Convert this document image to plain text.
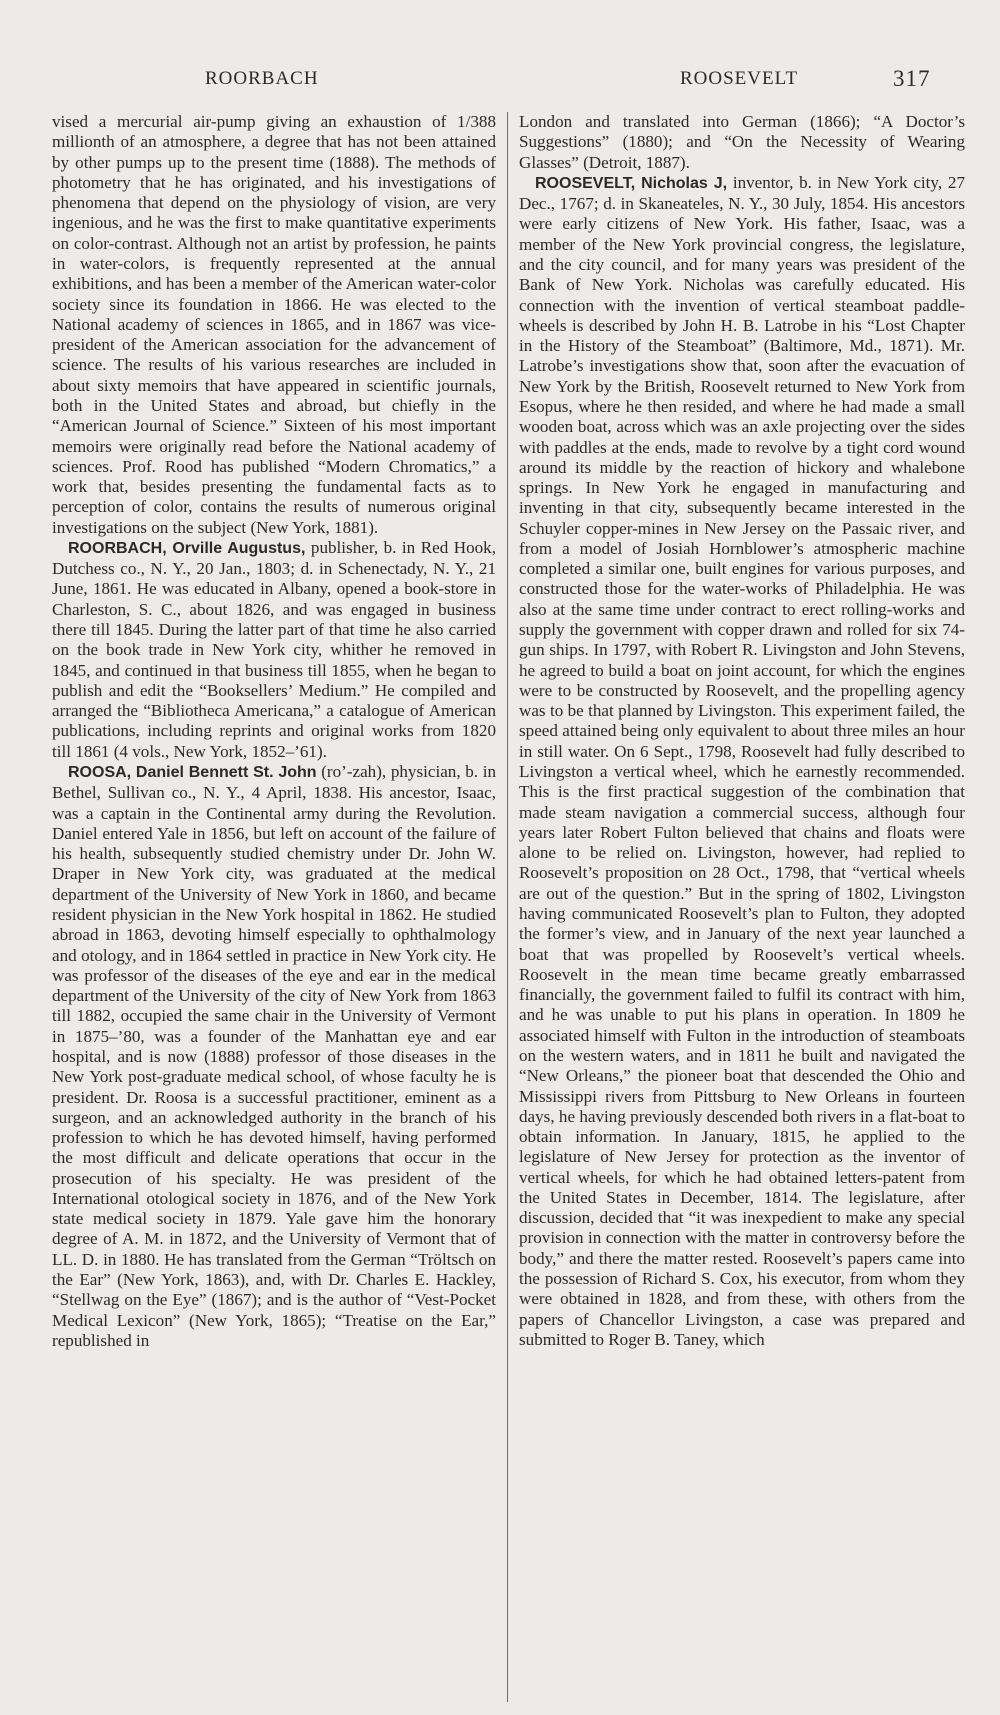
ROORBACH	ROOSEVELT	317

vised a mercurial air-pump giving an exhaustion of 1/388 millionth of an atmosphere, a degree that has not been attained by other pumps up to the present time (1888). The methods of photometry that he has originated, and his investigations of phenomena that depend on the physiology of vision, are very ingenious, and he was the first to make quantitative experiments on color-contrast. Although not an artist by profession, he paints in water-colors, is frequently represented at the annual exhibitions, and has been a member of the American water-color society since its foundation in 1866. He was elected to the National academy of sciences in 1865, and in 1867 was vice-president of the American association for the advancement of science. The results of his various researches are included in about sixty memoirs that have appeared in scientific journals, both in the United States and abroad, but chiefly in the “American Journal of Science.” Sixteen of his most important memoirs were originally read before the National academy of sciences. Prof. Rood has published “Modern Chromatics,” a work that, besides presenting the fundamental facts as to perception of color, contains the results of numerous original investigations on the subject (New York, 1881).

ROORBACH, Orville Augustus, publisher, b. in Red Hook, Dutchess co., N. Y., 20 Jan., 1803; d. in Schenectady, N. Y., 21 June, 1861. He was educated in Albany, opened a book-store in Charleston, S. C., about 1826, and was engaged in business there till 1845. During the latter part of that time he also carried on the book trade in New York city, whither he removed in 1845, and continued in that business till 1855, when he began to publish and edit the “Booksellers’ Medium.” He compiled and arranged the “Bibliotheca Americana,” a catalogue of American publications, including reprints and original works from 1820 till 1861 (4 vols., New York, 1852–’61).

ROOSA, Daniel Bennett St. John (ro’-zah), physician, b. in Bethel, Sullivan co., N. Y., 4 April, 1838. His ancestor, Isaac, was a captain in the Continental army during the Revolution. Daniel entered Yale in 1856, but left on account of the failure of his health, subsequently studied chemistry under Dr. John W. Draper in New York city, was graduated at the medical department of the University of New York in 1860, and became resident physician in the New York hospital in 1862. He studied abroad in 1863, devoting himself especially to ophthalmology and otology, and in 1864 settled in practice in New York city. He was professor of the diseases of the eye and ear in the medical department of the University of the city of New York from 1863 till 1882, occupied the same chair in the University of Vermont in 1875–’80, was a founder of the Manhattan eye and ear hospital, and is now (1888) professor of those diseases in the New York post-graduate medical school, of whose faculty he is president. Dr. Roosa is a successful practitioner, eminent as a surgeon, and an acknowledged authority in the branch of his profession to which he has devoted himself, having performed the most difficult and delicate operations that occur in the prosecution of his specialty. He was president of the International otological society in 1876, and of the New York state medical society in 1879. Yale gave him the honorary degree of A. M. in 1872, and the University of Vermont that of LL. D. in 1880. He has translated from the German “Tröltsch on the Ear” (New York, 1863), and, with Dr. Charles E. Hackley, “Stellwag on the Eye” (1867); and is the author of “Vest-Pocket Medical Lexicon” (New York, 1865); “Treatise on the Ear,” republished in

London and translated into German (1866); “A Doctor’s Suggestions” (1880); and “On the Necessity of Wearing Glasses” (Detroit, 1887).

ROOSEVELT, Nicholas J, inventor, b. in New York city, 27 Dec., 1767; d. in Skaneateles, N. Y., 30 July, 1854. His ancestors were early citizens of New York. His father, Isaac, was a member of the New York provincial congress, the legislature, and the city council, and for many years was president of the Bank of New York. Nicholas was carefully educated. His connection with the invention of vertical steamboat paddle-wheels is described by John H. B. Latrobe in his “Lost Chapter in the History of the Steamboat” (Baltimore, Md., 1871). Mr. Latrobe’s investigations show that, soon after the evacuation of New York by the British, Roosevelt returned to New York from Esopus, where he then resided, and where he had made a small wooden boat, across which was an axle projecting over the sides with paddles at the ends, made to revolve by a tight cord wound around its middle by the reaction of hickory and whalebone springs. In New York he engaged in manufacturing and inventing in that city, subsequently became interested in the Schuyler copper-mines in New Jersey on the Passaic river, and from a model of Josiah Hornblower’s atmospheric machine completed a similar one, built engines for various purposes, and constructed those for the water-works of Philadelphia. He was also at the same time under contract to erect rolling-works and supply the government with copper drawn and rolled for six 74-gun ships. In 1797, with Robert R. Livingston and John Stevens, he agreed to build a boat on joint account, for which the engines were to be constructed by Roosevelt, and the propelling agency was to be that planned by Livingston. This experiment failed, the speed attained being only equivalent to about three miles an hour in still water. On 6 Sept., 1798, Roosevelt had fully described to Livingston a vertical wheel, which he earnestly recommended. This is the first practical suggestion of the combination that made steam navigation a commercial success, although four years later Robert Fulton believed that chains and floats were alone to be relied on. Livingston, however, had replied to Roosevelt’s proposition on 28 Oct., 1798, that “vertical wheels are out of the question.” But in the spring of 1802, Livingston having communicated Roosevelt’s plan to Fulton, they adopted the former’s view, and in January of the next year launched a boat that was propelled by Roosevelt’s vertical wheels. Roosevelt in the mean time became greatly embarrassed financially, the government failed to fulfil its contract with him, and he was unable to put his plans in operation. In 1809 he associated himself with Fulton in the introduction of steamboats on the western waters, and in 1811 he built and navigated the “New Orleans,” the pioneer boat that descended the Ohio and Mississippi rivers from Pittsburg to New Orleans in fourteen days, he having previously descended both rivers in a flat-boat to obtain information. In January, 1815, he applied to the legislature of New Jersey for protection as the inventor of vertical wheels, for which he had obtained letters-patent from the United States in December, 1814. The legislature, after discussion, decided that “it was inexpedient to make any special provision in connection with the matter in controversy before the body,” and there the matter rested. Roosevelt’s papers came into the possession of Richard S. Cox, his executor, from whom they were obtained in 1828, and from these, with others from the papers of Chancellor Livingston, a case was prepared and submitted to Roger B. Taney, which
